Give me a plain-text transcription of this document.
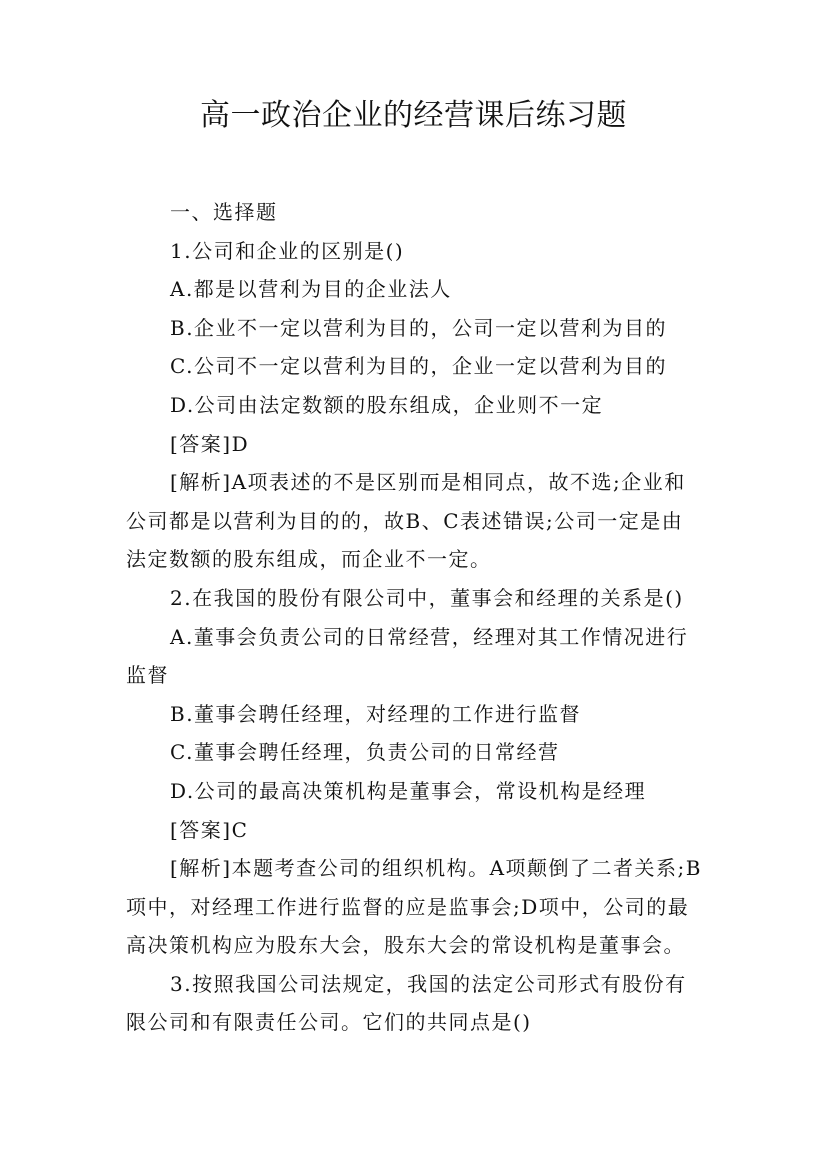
高一政治企业的经营课后练习题

一、选择题

1.公司和企业的区别是()

A.都是以营利为目的企业法人

B.企业不一定以营利为目的，公司一定以营利为目的

C.公司不一定以营利为目的，企业一定以营利为目的

D.公司由法定数额的股东组成，企业则不一定

[答案]D

[解析]A项表述的不是区别而是相同点，故不选;企业和

公司都是以营利为目的的，故B、C表述错误;公司一定是由

法定数额的股东组成，而企业不一定。

2.在我国的股份有限公司中，董事会和经理的关系是()

A.董事会负责公司的日常经营，经理对其工作情况进行

监督

B.董事会聘任经理，对经理的工作进行监督

C.董事会聘任经理，负责公司的日常经营

D.公司的最高决策机构是董事会，常设机构是经理

[答案]C

[解析]本题考查公司的组织机构。A项颠倒了二者关系;B

项中，对经理工作进行监督的应是监事会;D项中，公司的最

高决策机构应为股东大会，股东大会的常设机构是董事会。

3.按照我国公司法规定，我国的法定公司形式有股份有

限公司和有限责任公司。它们的共同点是()
